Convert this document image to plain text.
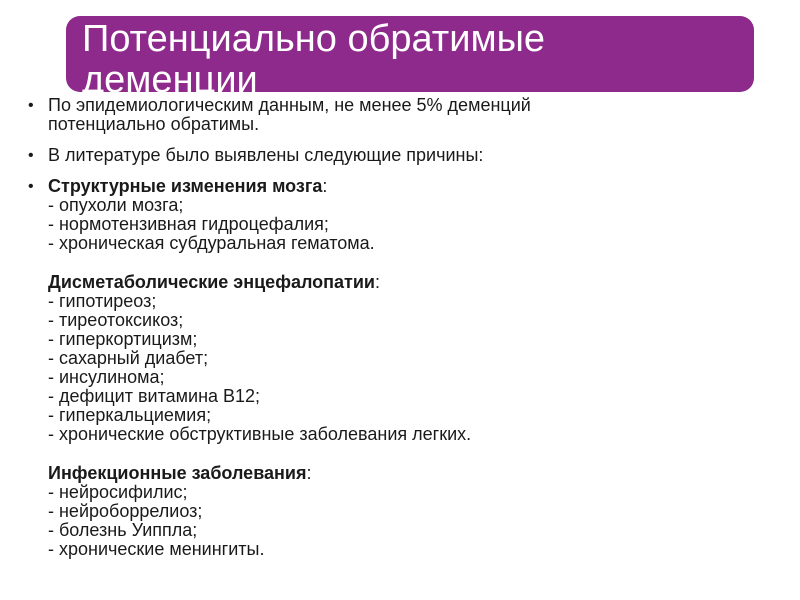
Потенциально обратимые
деменции
• По эпидемиологическим данным, не менее 5% деменций
потенциально обратимы.
• В литературе было выявлены следующие причины:
• Структурные изменения мозга:
- опухоли мозга;
- нормотензивная гидроцефалия;
- хроническая субдуральная гематома.
Дисметаболические энцефалопатии:
- гипотиреоз;
- тиреотоксикоз;
- гиперкортицизм;
- сахарный диабет;
- инсулинома;
- дефицит витамина В12;
- гиперкальциемия;
- хронические обструктивные заболевания легких.
Инфекционные заболевания:
- нейросифилис;
- нейроборрелиоз;
- болезнь Уиппла;
- хронические менингиты.
